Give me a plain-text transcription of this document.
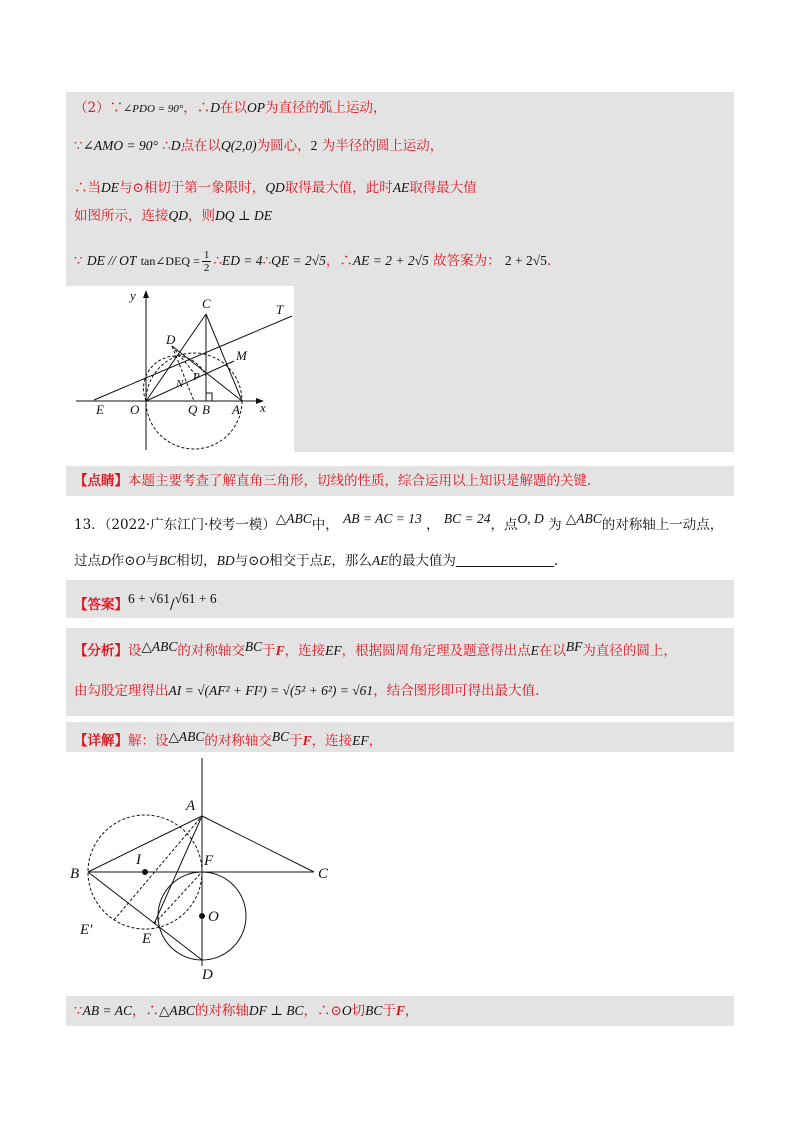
（2）∵∠PDO = 90°，∴D在以OP为直径的弧上运动，
∵∠AMO = 90° ∴D点在以Q(2,0)为圆心，2 为半径的圆上运动，
∴当DE与⊙相切于第一象限时，QD取得最大值，此时AE取得最大值
如图所示，连接QD，则DQ ⊥ DE
∵ DE // OT tan∠DEQ = $\frac{1}{2}$ ∴ED = 4∴QE = 2√5，∴AE = 2 + 2√5 故答案为： 2 + 2√5.
y
x
T
C
D
M
N
P
E O	Q B A
【点睛】本题主要考查了解直角三角形，切线的性质，综合运用以上知识是解题的关键.
13．（2022·广东江门·校考一模）△ABC中， AB = AC = 13 ， BC = 24，点O, D 为 △ABC的对称轴上一动点，
过点D作⊙O与BC相切，BD与⊙O相交于点E，那么AE的最大值为	.
【答案】6 + √61/√61 + 6
【分析】设△ABC的对称轴交BC于F，连接EF，根据圆周角定理及题意得出点E在以BF为直径的圆上，
由勾股定理得出AI = √(AF² + FI²) = √(5² + 6²) = √61，结合图形即可得出最大值.
【详解】解：设△ABC的对称轴交BC于F，连接EF，
A
B	C
I	F
E′
E
O
D
∵AB = AC，∴△ABC的对称轴DF ⊥ BC，∴⊙O切BC于F，
